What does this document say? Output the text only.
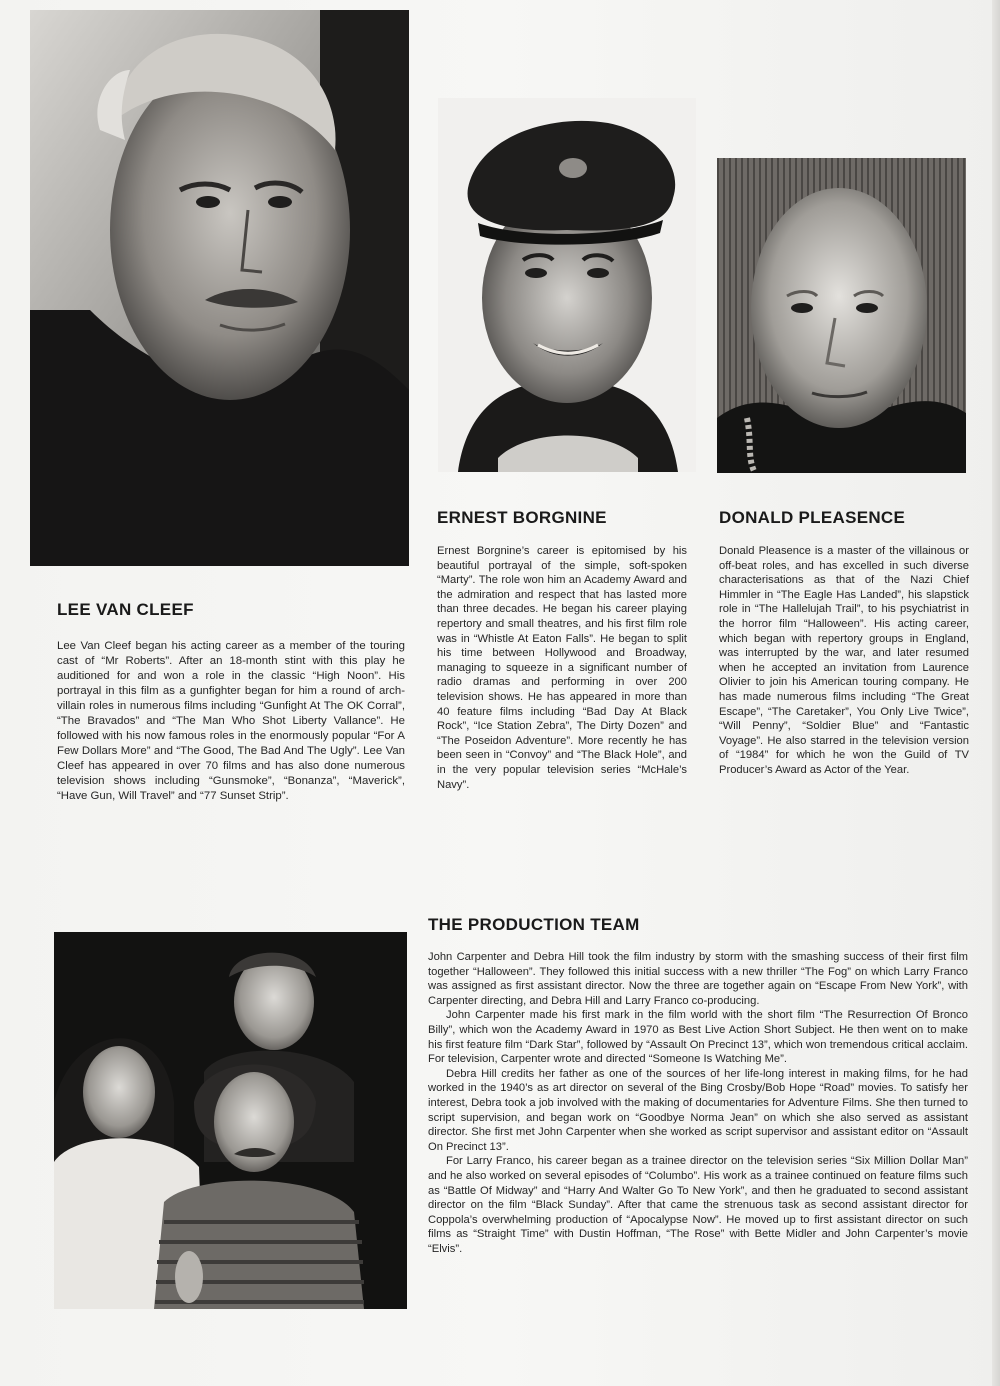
LEE VAN CLEEF

Lee Van Cleef began his acting career as a member of the touring cast of “Mr Roberts”. After an 18-month stint with this play he auditioned for and won a role in the classic “High Noon”. His portrayal in this film as a gunfighter began for him a round of arch-villain roles in numerous films including “Gunfight At The OK Corral”, “The Bravados” and “The Man Who Shot Liberty Vallance”. He followed with his now famous roles in the enormously popular “For A Few Dollars More” and “The Good, The Bad And The Ugly”. Lee Van Cleef has appeared in over 70 films and has also done numerous television shows including “Gunsmoke”, “Bonanza”, “Maverick”, “Have Gun, Will Travel” and “77 Sunset Strip”.

ERNEST BORGNINE

Ernest Borgnine’s career is epitomised by his beautiful portrayal of the simple, soft-spoken “Marty”. The role won him an Academy Award and the admiration and respect that has lasted more than three decades. He began his career playing repertory and small theatres, and his first film role was in “Whistle At Eaton Falls”. He began to split his time between Hollywood and Broadway, managing to squeeze in a significant number of radio dramas and performing in over 200 television shows. He has appeared in more than 40 feature films including “Bad Day At Black Rock”, “Ice Station Zebra”, The Dirty Dozen” and “The Poseidon Adventure”. More recently he has been seen in “Convoy” and “The Black Hole”, and in the very popular television series “McHale’s Navy”.

DONALD PLEASENCE

Donald Pleasence is a master of the villainous or off-beat roles, and has excelled in such diverse characterisations as that of the Nazi Chief Himmler in “The Eagle Has Landed”, his slapstick role in “The Hallelujah Trail”, to his psychiatrist in the horror film “Halloween”. His acting career, which began with repertory groups in England, was interrupted by the war, and later resumed when he accepted an invitation from Laurence Olivier to join his American touring company. He has made numerous films including “The Great Escape”, “The Caretaker”, You Only Live Twice”, “Will Penny”, “Soldier Blue” and “Fantastic Voyage”. He also starred in the television version of “1984” for which he won the Guild of TV Producer’s Award as Actor of the Year.

THE PRODUCTION TEAM

John Carpenter and Debra Hill took the film industry by storm with the smashing success of their first film together “Halloween”. They followed this initial success with a new thriller “The Fog” on which Larry Franco was assigned as first assistant director. Now the three are together again on “Escape From New York”, with Carpenter directing, and Debra Hill and Larry Franco co-producing.

John Carpenter made his first mark in the film world with the short film “The Resurrection Of Bronco Billy”, which won the Academy Award in 1970 as Best Live Action Short Subject. He then went on to make his first feature film “Dark Star”, followed by “Assault On Precinct 13”, which won tremendous critical acclaim. For television, Carpenter wrote and directed “Someone Is Watching Me”.

Debra Hill credits her father as one of the sources of her life-long interest in making films, for he had worked in the 1940’s as art director on several of the Bing Crosby/Bob Hope “Road” movies. To satisfy her interest, Debra took a job involved with the making of documentaries for Adventure Films. She then turned to script supervision, and began work on “Goodbye Norma Jean” on which she also served as assistant director. She first met John Carpenter when she worked as script supervisor and assistant editor on “Assault On Precinct 13”.

For Larry Franco, his career began as a trainee director on the television series “Six Million Dollar Man” and he also worked on several episodes of “Columbo”. His work as a trainee continued on feature films such as “Battle Of Midway” and “Harry And Walter Go To New York”, and then he graduated to second assistant director on the film “Black Sunday”. After that came the strenuous task as second assistant director for Coppola’s overwhelming production of “Apocalypse Now”. He moved up to first assistant director on such films as “Straight Time” with Dustin Hoffman, “The Rose” with Bette Midler and John Carpenter’s movie “Elvis”.
